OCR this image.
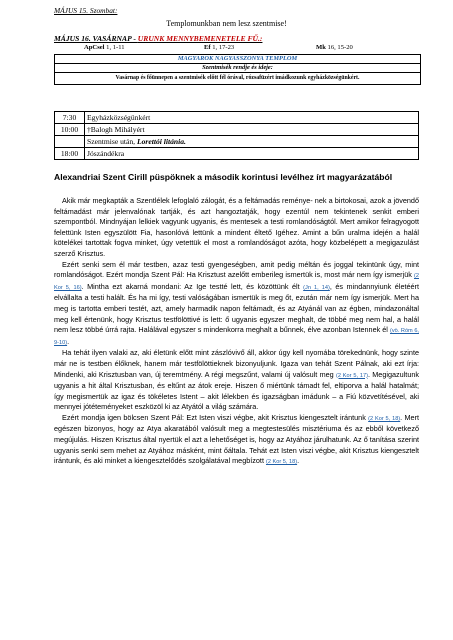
MÁJUS 15. Szombat:
Templomunkban nem lesz szentmise!
MÁJUS 16. VASÁRNAP - URUNK MENNYBEMENETELE FŰ.:
ApCsel 1, 1-11	Ef 1, 17-23	Mk 16, 15-20
MAGYAROK NAGYASSZONYA TEMPLOM
Szentmisék rendje és ideje:
Vasárnap és főünnepen a szentmisék előtt fél órával, rózsafüzért imádkozunk egyházközségünkért.
7:30	Egyházközségünkért
10:00	†Balogh Mihályért
	Szentmise után, Lorettói litánia.
18:00	Jószándékra
Alexandriai Szent Cirill püspöknek a második korintusi levélhez írt magyarázatából

Akik már megkapták a Szentlélek lefoglaló zálogát, és a feltámadás reménye- nek a birtokosai, azok a jövendő feltámadást már jelenvalónak tartják, és azt hangoztatják, hogy ezentúl nem tekintenek senkit emberi szempontból. Mindnyájan lelkiek vagyunk ugyanis, és mentesek a testi romlandóságtól. Mert amikor felragyogott felettünk Isten egyszülött Fia, hasonlóvá lettünk a mindent éltető Igéhez. Amint a bűn uralma idején a halál kötelékei tartottak fogva minket, úgy vetettük el most a romlandóságot azóta, hogy közbelépett a megigazulást szerző Krisztus.

Ezért senki sem él már testben, azaz testi gyengeségben, amit pedig méltán és joggal tekintünk úgy, mint romlandóságot. Ezért mondja Szent Pál: Ha Krisztust azelőtt emberileg ismertük is, most már nem így ismerjük (2 Kor 5, 16). Mintha ezt akarná mondani: Az Ige testté lett, és közöttünk élt (Jn 1, 14), és mindannyiunk életéért elvállalta a testi halált. És ha mi így, testi valóságában ismertük is meg őt, ezután már nem így ismerjük. Mert ha meg is tartotta emberi testét, azt, amely harmadik napon feltámadt, és az Atyánál van az égben, mindazonáltal meg kell értenünk, hogy Krisztus testfölöttivé is lett: ő ugyanis egyszer meghalt, de többé meg nem hal, a halál nem lesz többé úrrá rajta. Halálával egyszer s mindenkorra meghalt a bűnnek, élve azonban Istennek él (vö. Róm 6, 9-10).

Ha tehát ilyen valaki az, aki életünk előtt mint zászlóvivő áll, akkor úgy kell nyomába törekednünk, hogy szinte már ne is testben élőknek, hanem már testfölöttieknek bizonyuljunk. Igaza van tehát Szent Pálnak, aki ezt írja: Mindenki, aki Krisztusban van, új teremtmény. A régi megszűnt, valami új valósult meg (2 Kor 5, 17). Megigazultunk ugyanis a hit által Krisztusban, és eltűnt az átok ereje. Hiszen ő miértünk támadt fel, eltiporva a halál hatalmát; így megismertük az igaz és tökéletes Istent – akit lélekben és igazságban imádunk – a Fiú közvetítésével, aki mennyei jótéteményeket eszközöl ki az Atyától a világ számára.

Ezért mondja igen bölcsen Szent Pál: Ezt Isten viszi végbe, akit Krisztus kiengesztelt irántunk (2 Kor 5, 18). Mert egészen bizonyos, hogy az Atya akaratából valósult meg a megtestesülés misztériuma és az ebből következő megújulás. Hiszen Krisztus által nyertük el azt a lehetőséget is, hogy az Atyához járulhatunk. Az ő tanítása szerint ugyanis senki sem mehet az Atyához másként, mint őáltala. Tehát ezt Isten viszi végbe, akit Krisztus kiengesztelt irántunk, és aki minket a kiengesztelődés szolgálatával megbízott (2 Kor 5, 18).
